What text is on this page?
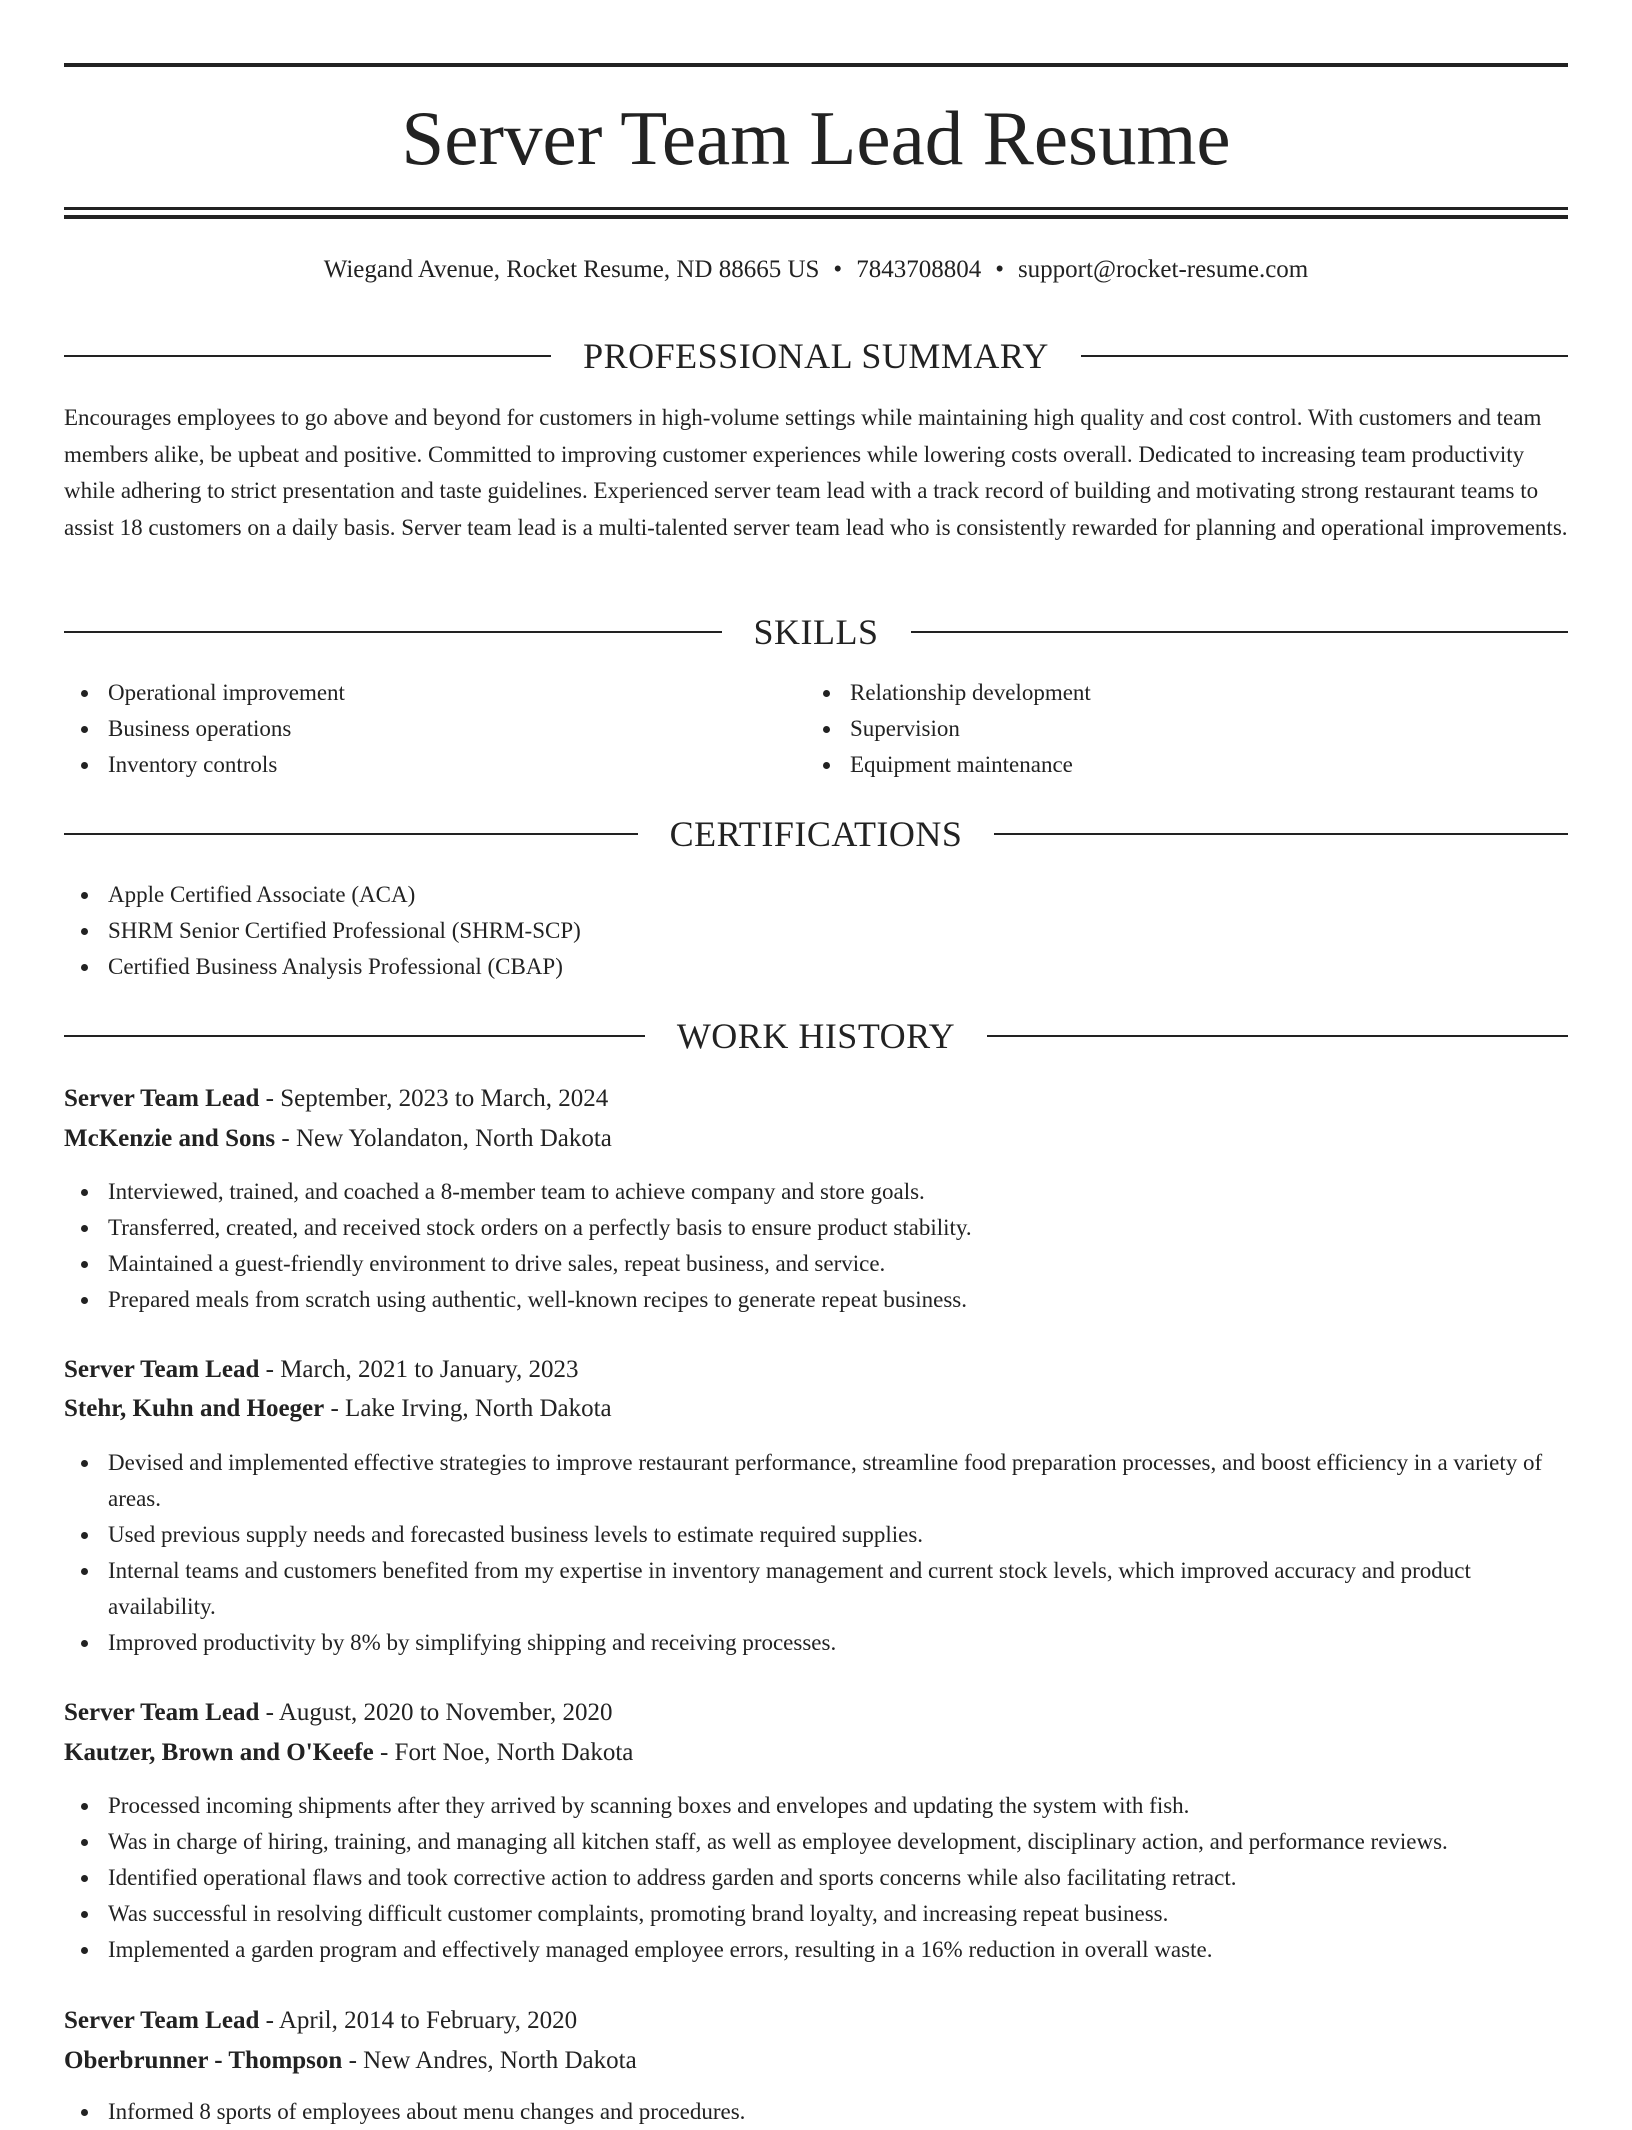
Server Team Lead Resume
Wiegand Avenue, Rocket Resume, ND 88665 US • 7843708804 • support@rocket-resume.com
PROFESSIONAL SUMMARY

Encourages employees to go above and beyond for customers in high-volume settings while maintaining high quality and cost control. With customers and team members alike, be upbeat and positive. Committed to improving customer experiences while lowering costs overall. Dedicated to increasing team productivity while adhering to strict presentation and taste guidelines. Experienced server team lead with a track record of building and motivating strong restaurant teams to assist 18 customers on a daily basis. Server team lead is a multi-talented server team lead who is consistently rewarded for planning and operational improvements.

SKILLS
Operational improvement
Business operations
Inventory controls
Relationship development
Supervision
Equipment maintenance
CERTIFICATIONS
Apple Certified Associate (ACA)
SHRM Senior Certified Professional (SHRM-SCP)
Certified Business Analysis Professional (CBAP)
WORK HISTORY
Server Team Lead - September, 2023 to March, 2024
McKenzie and Sons - New Yolandaton, North Dakota
Interviewed, trained, and coached a 8-member team to achieve company and store goals.
Transferred, created, and received stock orders on a perfectly basis to ensure product stability.
Maintained a guest-friendly environment to drive sales, repeat business, and service.
Prepared meals from scratch using authentic, well-known recipes to generate repeat business.
Server Team Lead - March, 2021 to January, 2023
Stehr, Kuhn and Hoeger - Lake Irving, North Dakota
Devised and implemented effective strategies to improve restaurant performance, streamline food preparation processes, and boost efficiency in a variety of areas.
Used previous supply needs and forecasted business levels to estimate required supplies.
Internal teams and customers benefited from my expertise in inventory management and current stock levels, which improved accuracy and product availability.
Improved productivity by 8% by simplifying shipping and receiving processes.
Server Team Lead - August, 2020 to November, 2020
Kautzer, Brown and O'Keefe - Fort Noe, North Dakota
Processed incoming shipments after they arrived by scanning boxes and envelopes and updating the system with fish.
Was in charge of hiring, training, and managing all kitchen staff, as well as employee development, disciplinary action, and performance reviews.
Identified operational flaws and took corrective action to address garden and sports concerns while also facilitating retract.
Was successful in resolving difficult customer complaints, promoting brand loyalty, and increasing repeat business.
Implemented a garden program and effectively managed employee errors, resulting in a 16% reduction in overall waste.
Server Team Lead - April, 2014 to February, 2020
Oberbrunner - Thompson - New Andres, North Dakota
Informed 8 sports of employees about menu changes and procedures.
